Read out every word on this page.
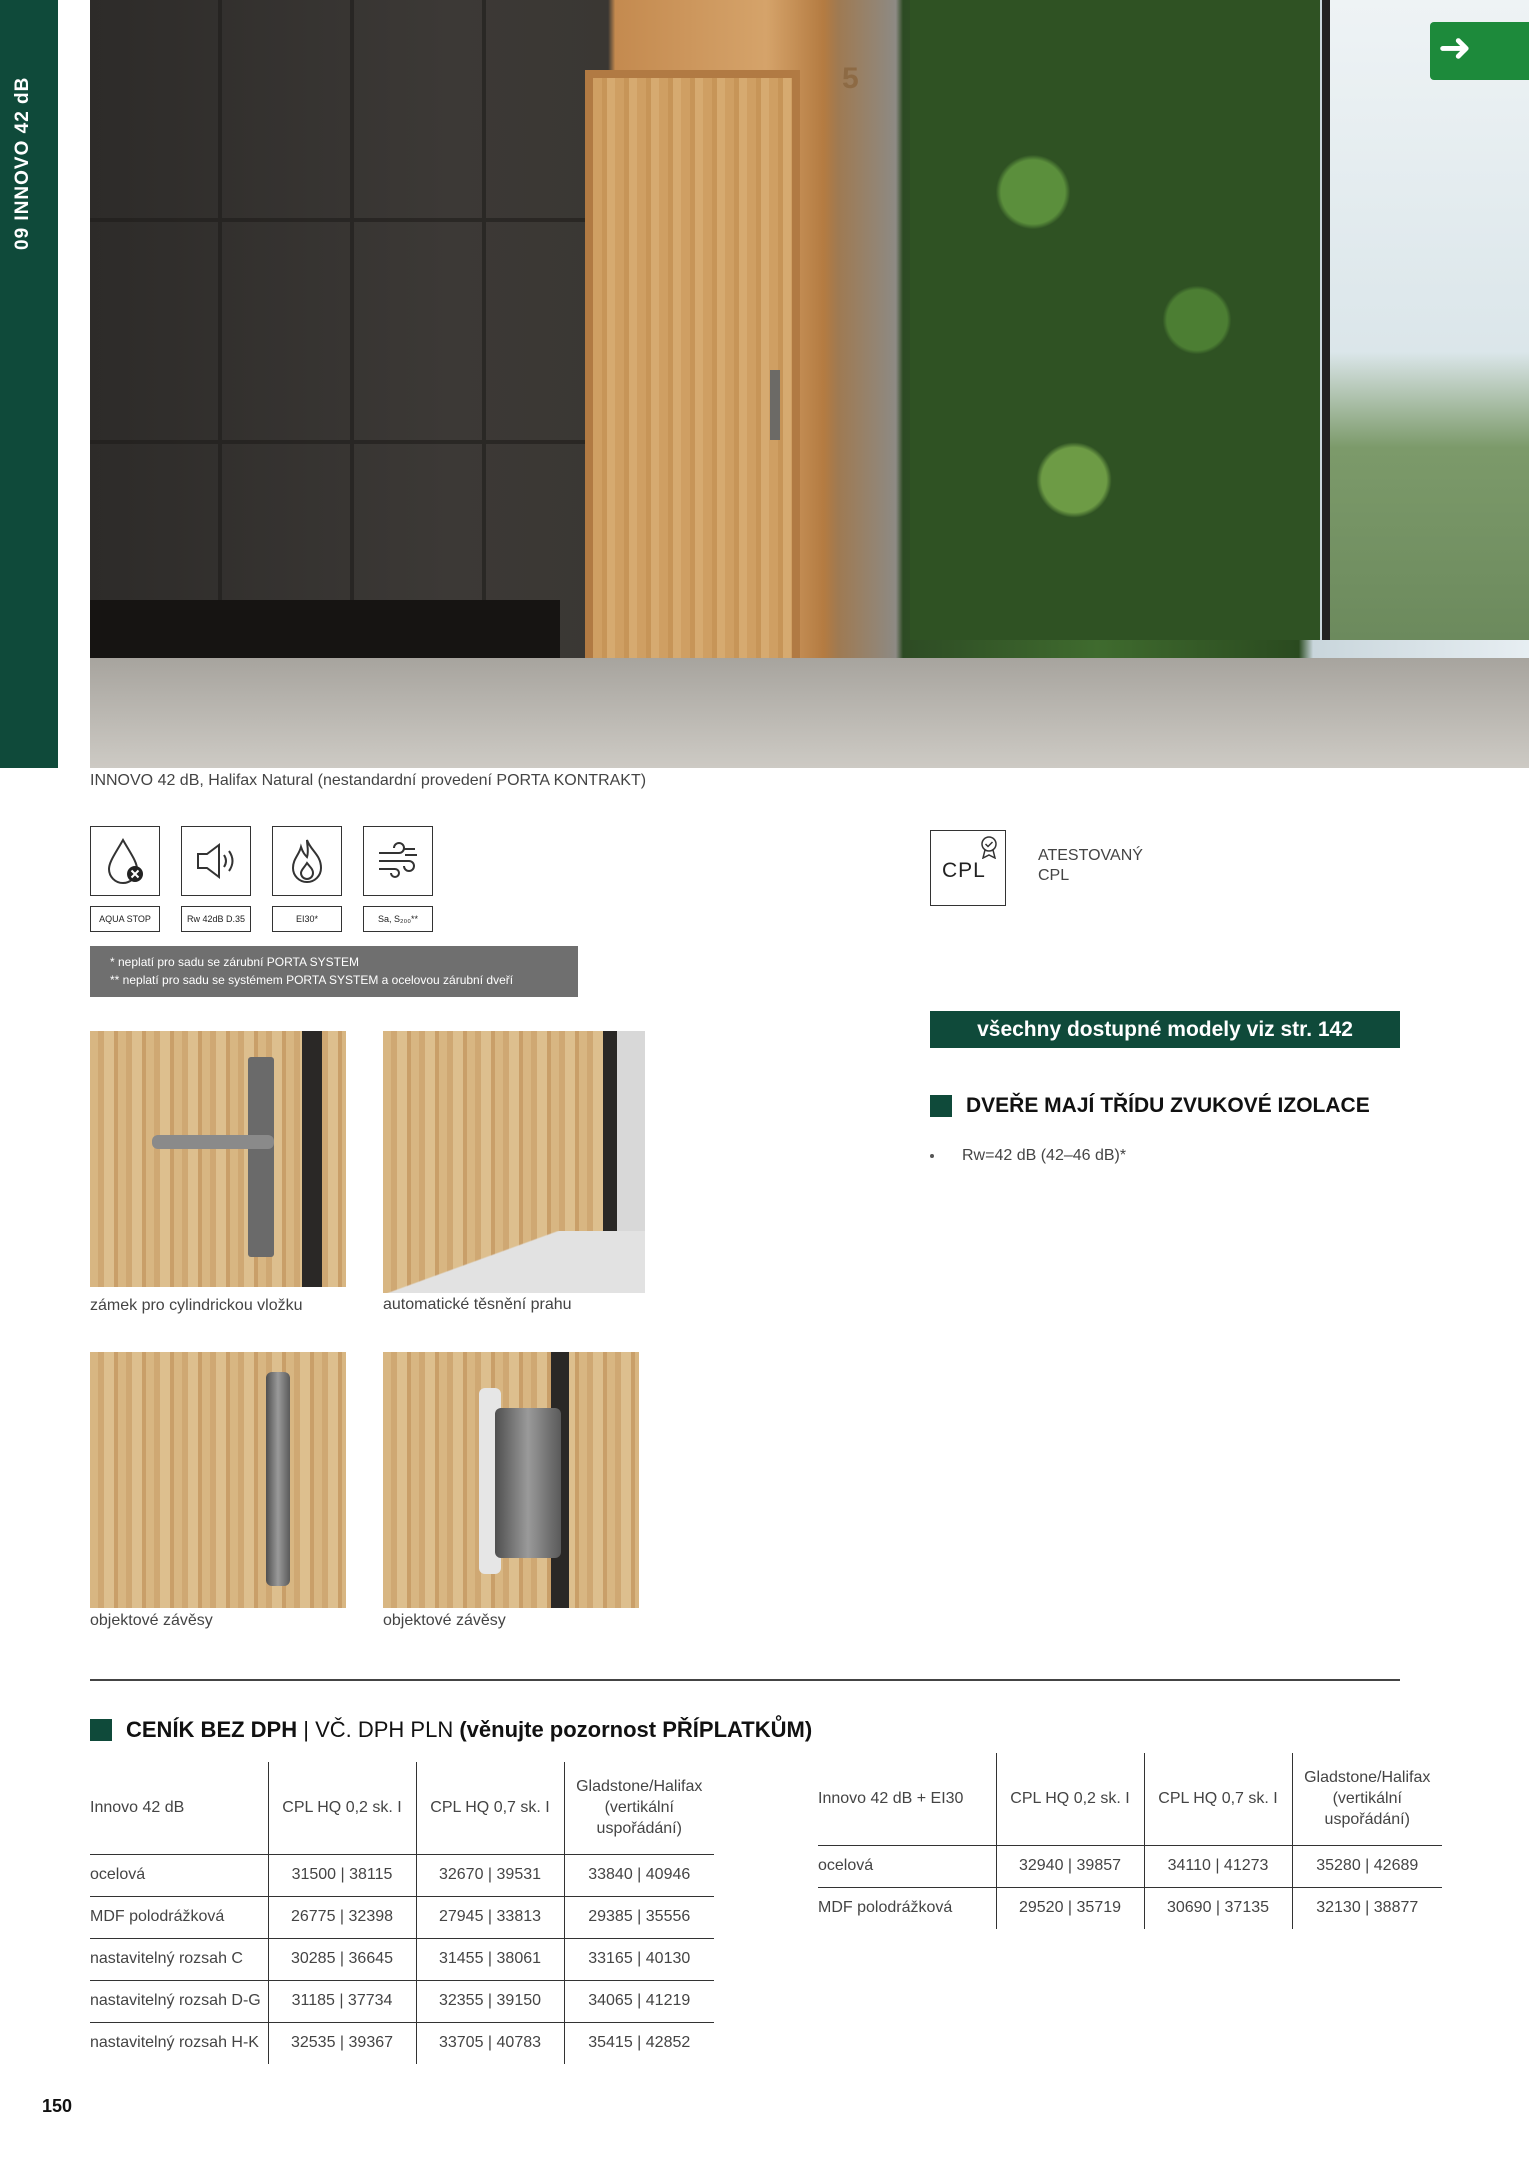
09 INNOVO 42 dB	5
➜
INNOVO 42 dB, Halifax Natural (nestandardní provedení PORTA KONTRAKT)
AQUA STOP	Rw 42dB D.35	EI30*	Sa, S₂₀₀**
* neplatí pro sadu se zárubní PORTA SYSTEM
** neplatí pro sadu se systémem PORTA SYSTEM a ocelovou zárubní dveří
CPL
ATESTOVANÝ
CPL
všechny dostupné modely viz str. 142
DVEŘE MAJÍ TŘÍDU ZVUKOVÉ IZOLACE
Rw=42 dB (42–46 dB)*
zámek pro cylindrickou vložku	automatické těsnění prahu
objektové závěsy	objektové závěsy
CENÍK BEZ DPH | VČ. DPH PLN (věnujte pozornost PŘÍPLATKŮM)
Innovo 42 dB	CPL HQ 0,2 sk. I	CPL HQ 0,7 sk. I	Gladstone/Halifax (vertikální uspořádání)
ocelová	31500 | 38115	32670 | 39531	33840 | 40946
MDF polodrážková	26775 | 32398	27945 | 33813	29385 | 35556
nastavitelný rozsah C	30285 | 36645	31455 | 38061	33165 | 40130
nastavitelný rozsah D-G	31185 | 37734	32355 | 39150	34065 | 41219
nastavitelný rozsah H-K	32535 | 39367	33705 | 40783	35415 | 42852
Innovo 42 dB + EI30	CPL HQ 0,2 sk. I	CPL HQ 0,7 sk. I	Gladstone/Halifax (vertikální uspořádání)
ocelová	32940 | 39857	34110 | 41273	35280 | 42689
MDF polodrážková	29520 | 35719	30690 | 37135	32130 | 38877
150
